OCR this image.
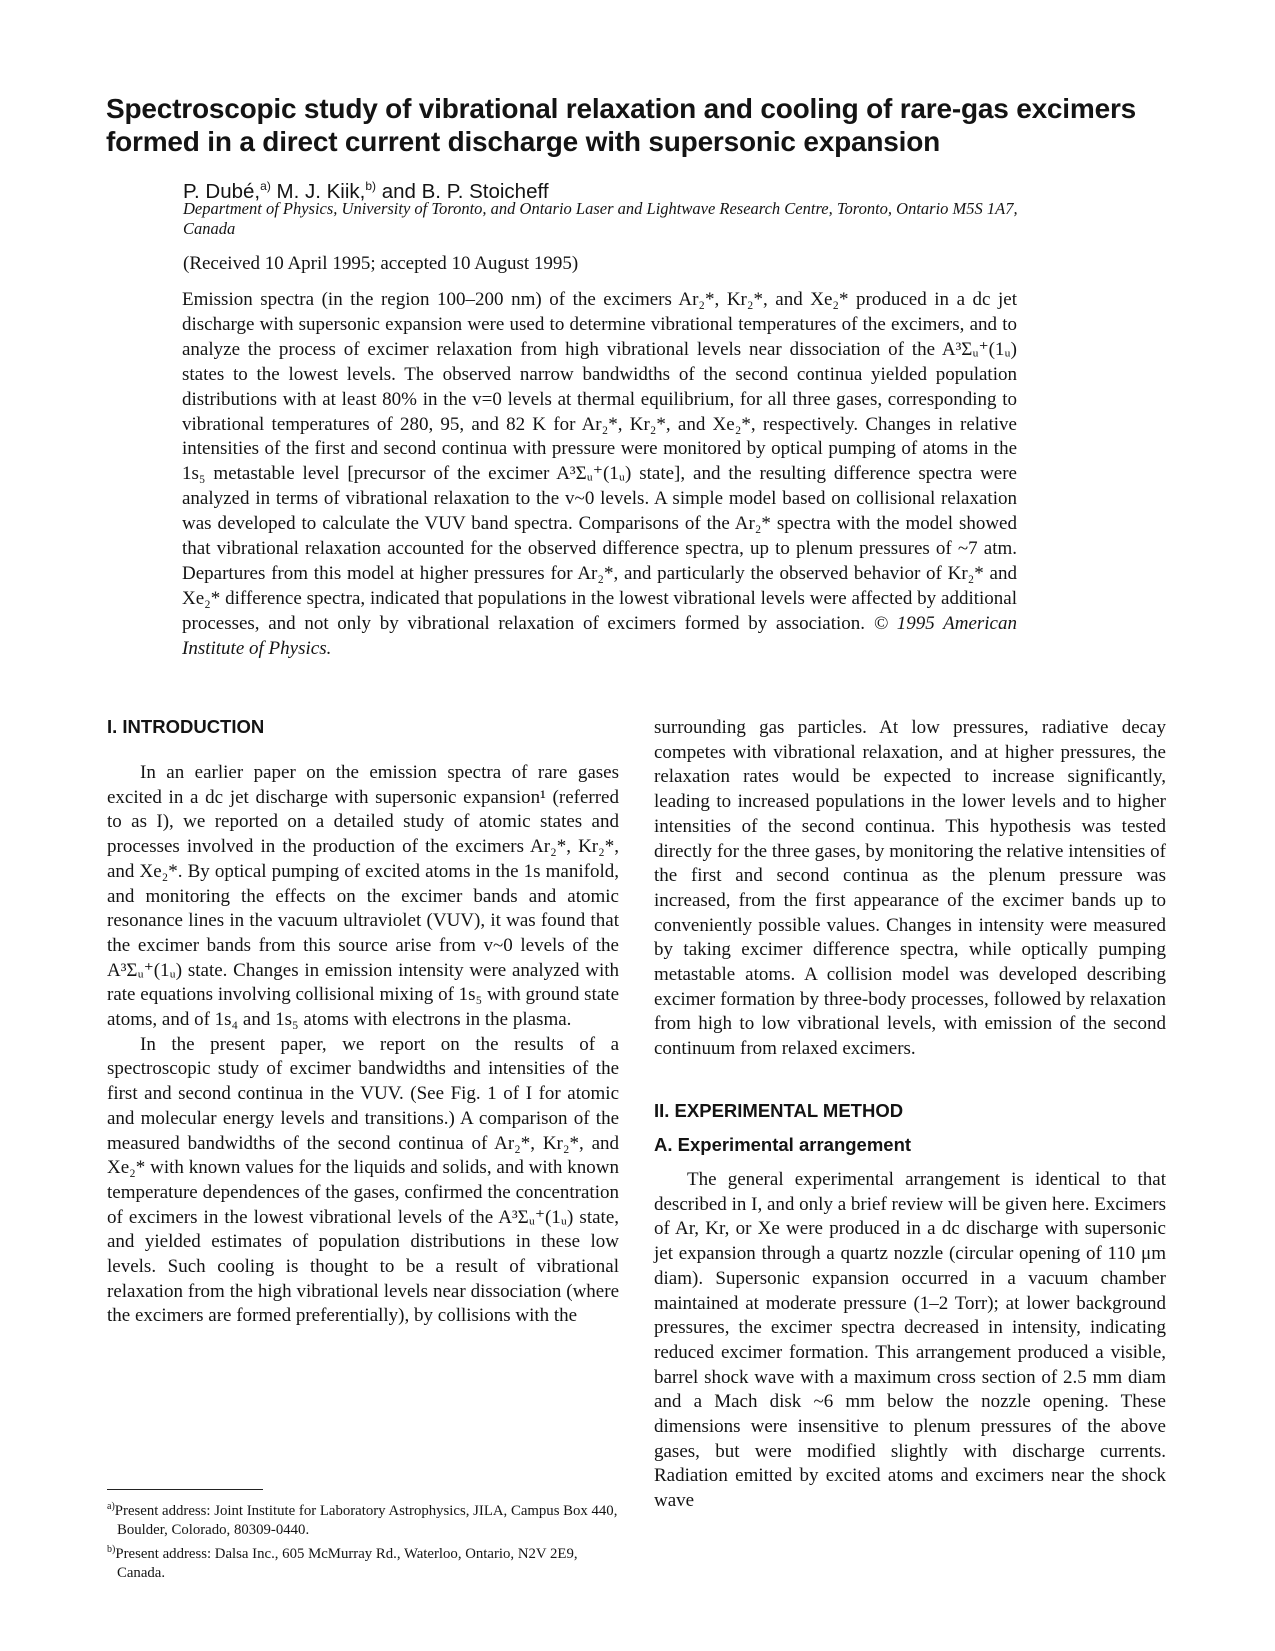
Spectroscopic study of vibrational relaxation and cooling of rare-gas excimers formed in a direct current discharge with supersonic expansion
P. Dubé,$^{a)}$ M. J. Kiik,$^{b)}$ and B. P. Stoicheff
Department of Physics, University of Toronto, and Ontario Laser and Lightwave Research Centre, Toronto, Ontario M5S 1A7, Canada
(Received 10 April 1995; accepted 10 August 1995)

Emission spectra (in the region 100–200 nm) of the excimers Ar₂*, Kr₂*, and Xe₂* produced in a dc jet discharge with supersonic expansion were used to determine vibrational temperatures of the excimers, and to analyze the process of excimer relaxation from high vibrational levels near dissociation of the A³Σᵤ⁺(1ᵤ) states to the lowest levels. The observed narrow bandwidths of the second continua yielded population distributions with at least 80% in the v=0 levels at thermal equilibrium, for all three gases, corresponding to vibrational temperatures of 280, 95, and 82 K for Ar₂*, Kr₂*, and Xe₂*, respectively. Changes in relative intensities of the first and second continua with pressure were monitored by optical pumping of atoms in the 1s₅ metastable level [precursor of the excimer A³Σᵤ⁺(1ᵤ) state], and the resulting difference spectra were analyzed in terms of vibrational relaxation to the v~0 levels. A simple model based on collisional relaxation was developed to calculate the VUV band spectra. Comparisons of the Ar₂* spectra with the model showed that vibrational relaxation accounted for the observed difference spectra, up to plenum pressures of ~7 atm. Departures from this model at higher pressures for Ar₂*, and particularly the observed behavior of Kr₂* and Xe₂* difference spectra, indicated that populations in the lowest vibrational levels were affected by additional processes, and not only by vibrational relaxation of excimers formed by association. © 1995 American Institute of Physics.

I. INTRODUCTION

In an earlier paper on the emission spectra of rare gases excited in a dc jet discharge with supersonic expansion¹ (referred to as I), we reported on a detailed study of atomic states and processes involved in the production of the excimers Ar₂*, Kr₂*, and Xe₂*. By optical pumping of excited atoms in the 1s manifold, and monitoring the effects on the excimer bands and atomic resonance lines in the vacuum ultraviolet (VUV), it was found that the excimer bands from this source arise from v~0 levels of the A³Σᵤ⁺(1ᵤ) state. Changes in emission intensity were analyzed with rate equations involving collisional mixing of 1s₅ with ground state atoms, and of 1s₄ and 1s₅ atoms with electrons in the plasma.

In the present paper, we report on the results of a spectroscopic study of excimer bandwidths and intensities of the first and second continua in the VUV. (See Fig. 1 of I for atomic and molecular energy levels and transitions.) A comparison of the measured bandwidths of the second continua of Ar₂*, Kr₂*, and Xe₂* with known values for the liquids and solids, and with known temperature dependences of the gases, confirmed the concentration of excimers in the lowest vibrational levels of the A³Σᵤ⁺(1ᵤ) state, and yielded estimates of population distributions in these low levels. Such cooling is thought to be a result of vibrational relaxation from the high vibrational levels near dissociation (where the excimers are formed preferentially), by collisions with the

$^{a)}$Present address: Joint Institute for Laboratory Astrophysics, JILA, Campus Box 440, Boulder, Colorado, 80309-0440.

$^{b)}$Present address: Dalsa Inc., 605 McMurray Rd., Waterloo, Ontario, N2V 2E9, Canada.

surrounding gas particles. At low pressures, radiative decay competes with vibrational relaxation, and at higher pressures, the relaxation rates would be expected to increase significantly, leading to increased populations in the lower levels and to higher intensities of the second continua. This hypothesis was tested directly for the three gases, by monitoring the relative intensities of the first and second continua as the plenum pressure was increased, from the first appearance of the excimer bands up to conveniently possible values. Changes in intensity were measured by taking excimer difference spectra, while optically pumping metastable atoms. A collision model was developed describing excimer formation by three-body processes, followed by relaxation from high to low vibrational levels, with emission of the second continuum from relaxed excimers.

II. EXPERIMENTAL METHOD
A. Experimental arrangement

The general experimental arrangement is identical to that described in I, and only a brief review will be given here. Excimers of Ar, Kr, or Xe were produced in a dc discharge with supersonic jet expansion through a quartz nozzle (circular opening of 110 μm diam). Supersonic expansion occurred in a vacuum chamber maintained at moderate pressure (1–2 Torr); at lower background pressures, the excimer spectra decreased in intensity, indicating reduced excimer formation. This arrangement produced a visible, barrel shock wave with a maximum cross section of 2.5 mm diam and a Mach disk ~6 mm below the nozzle opening. These dimensions were insensitive to plenum pressures of the above gases, but were modified slightly with discharge currents. Radiation emitted by excited atoms and excimers near the shock wave
